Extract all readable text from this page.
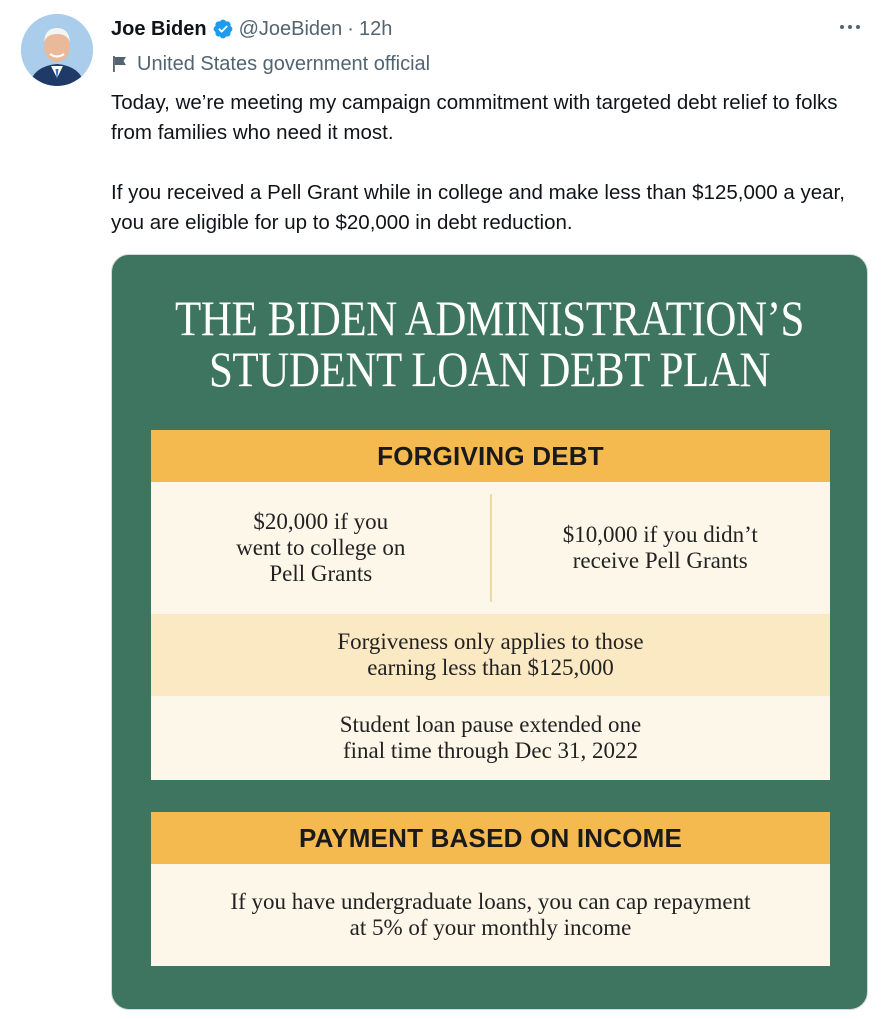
Joe Biden @JoeBiden · 12h
United States government official

Today, we’re meeting my campaign commitment with targeted debt relief to folks from families who need it most.

If you received a Pell Grant while in college and make less than $125,000 a year, you are eligible for up to $20,000 in debt reduction.

THE BIDEN ADMINISTRATION’S
STUDENT LOAN DEBT PLAN
FORGIVING DEBT
$20,000 if you
went to college on
Pell Grants
$10,000 if you didn’t
receive Pell Grants
Forgiveness only applies to those
earning less than $125,000
Student loan pause extended one
final time through Dec 31, 2022
PAYMENT BASED ON INCOME
If you have undergraduate loans, you can cap repayment
at 5% of your monthly income
